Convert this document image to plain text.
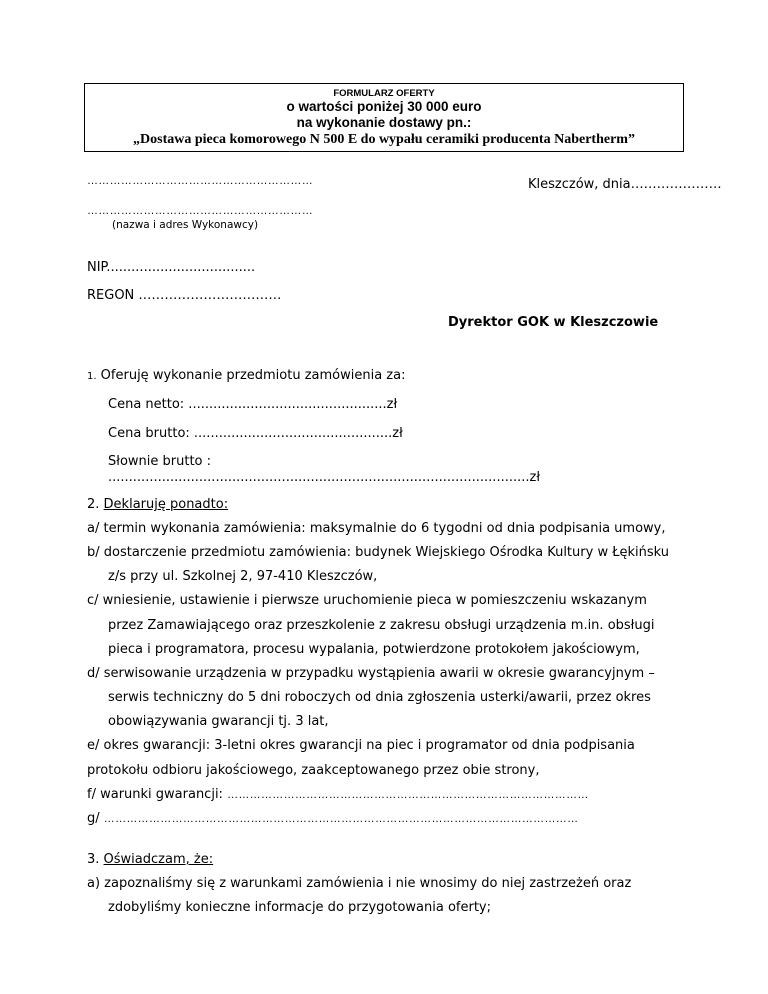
FORMULARZ OFERTY
o wartości poniżej 30 000 euro
na wykonanie dostawy pn.:
„Dostawa pieca komorowego N 500 E do wypału ceramiki producenta Nabertherm”
……………………………………………………	Kleszczów, dnia…………………
……………………………………………………
(nazwa i adres Wykonawcy)
NIP....................................
REGON ……………………………
Dyrektor GOK w Kleszczowie
1. Oferuję wykonanie przedmiotu zamówienia za:
Cena netto: ................................................zł
Cena brutto: ................................................zł
Słownie brutto :
......................................................................................................zł
2. Deklaruję ponadto:
a/ termin wykonania zamówienia: maksymalnie do 6 tygodni od dnia podpisania umowy,
b/ dostarczenie przedmiotu zamówienia: budynek Wiejskiego Ośrodka Kultury w Łękińsku
z/s przy ul. Szkolnej 2, 97-410 Kleszczów,
c/ wniesienie, ustawienie i pierwsze uruchomienie pieca w pomieszczeniu wskazanym
przez Zamawiającego oraz przeszkolenie z zakresu obsługi urządzenia m.in. obsługi
pieca i programatora, procesu wypalania, potwierdzone protokołem jakościowym,
d/ serwisowanie urządzenia w przypadku wystąpienia awarii w okresie gwarancyjnym –
serwis techniczny do 5 dni roboczych od dnia zgłoszenia usterki/awarii, przez okres
obowiązywania gwarancji tj. 3 lat,
e/ okres gwarancji: 3-letni okres gwarancji na piec i programator od dnia podpisania
protokołu odbioru jakościowego, zaakceptowanego przez obie strony,
f/ warunki gwarancji: ……………………………………………………………………………………
g/ ………………………………………………………………………………………………………………
3. Oświadczam, że:
a) zapoznaliśmy się z warunkami zamówienia i nie wnosimy do niej zastrzeżeń oraz
zdobyliśmy konieczne informacje do przygotowania oferty;
